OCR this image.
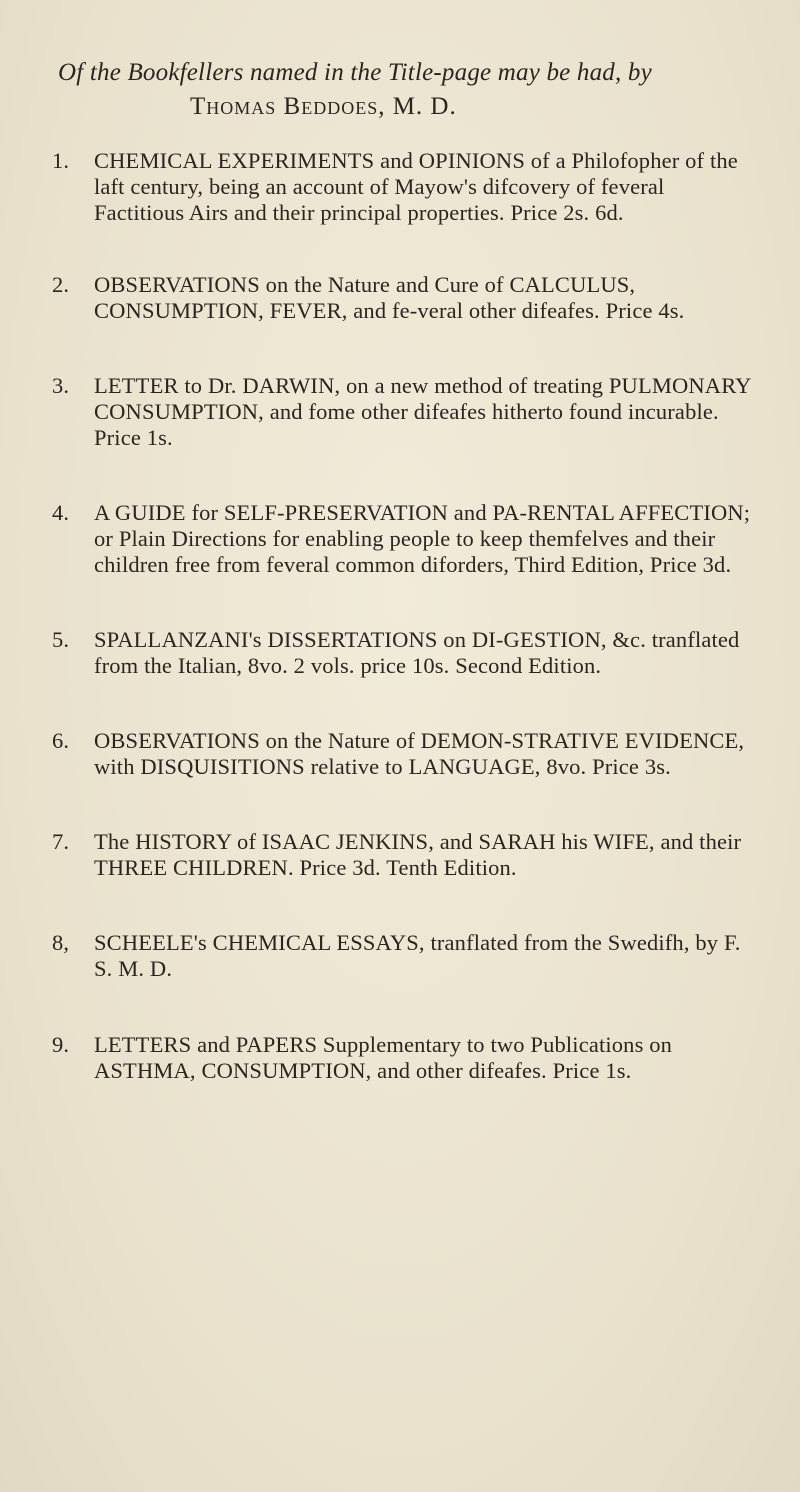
Of the Bookfellers named in the Title-page may be had, by
Thomas Beddoes, M. D.
1.	CHEMICAL EXPERIMENTS and OPINIONS of a Philofopher of the laft century, being an account of Mayow's difcovery of feveral Factitious Airs and their principal properties. Price 2s. 6d.
2.	OBSERVATIONS on the Nature and Cure of CALCULUS, CONSUMPTION, FEVER, and fe-veral other difeafes. Price 4s.
3.	LETTER to Dr. DARWIN, on a new method of treating PULMONARY CONSUMPTION, and fome other difeafes hitherto found incurable. Price 1s.
4.	A GUIDE for SELF-PRESERVATION and PA-RENTAL AFFECTION; or Plain Directions for enabling people to keep themfelves and their children free from feveral common diforders, Third Edition, Price 3d.
5.	SPALLANZANI's DISSERTATIONS on DI-GESTION, &c. tranflated from the Italian, 8vo. 2 vols. price 10s. Second Edition.
6.	OBSERVATIONS on the Nature of DEMON-STRATIVE EVIDENCE, with DISQUISITIONS relative to LANGUAGE, 8vo. Price 3s.
7.	The HISTORY of ISAAC JENKINS, and SARAH his WIFE, and their THREE CHILDREN. Price 3d. Tenth Edition.
8,	SCHEELE's CHEMICAL ESSAYS, tranflated from the Swedifh, by F. S. M. D.
9.	LETTERS and PAPERS Supplementary to two Publications on ASTHMA, CONSUMPTION, and other difeafes. Price 1s.
